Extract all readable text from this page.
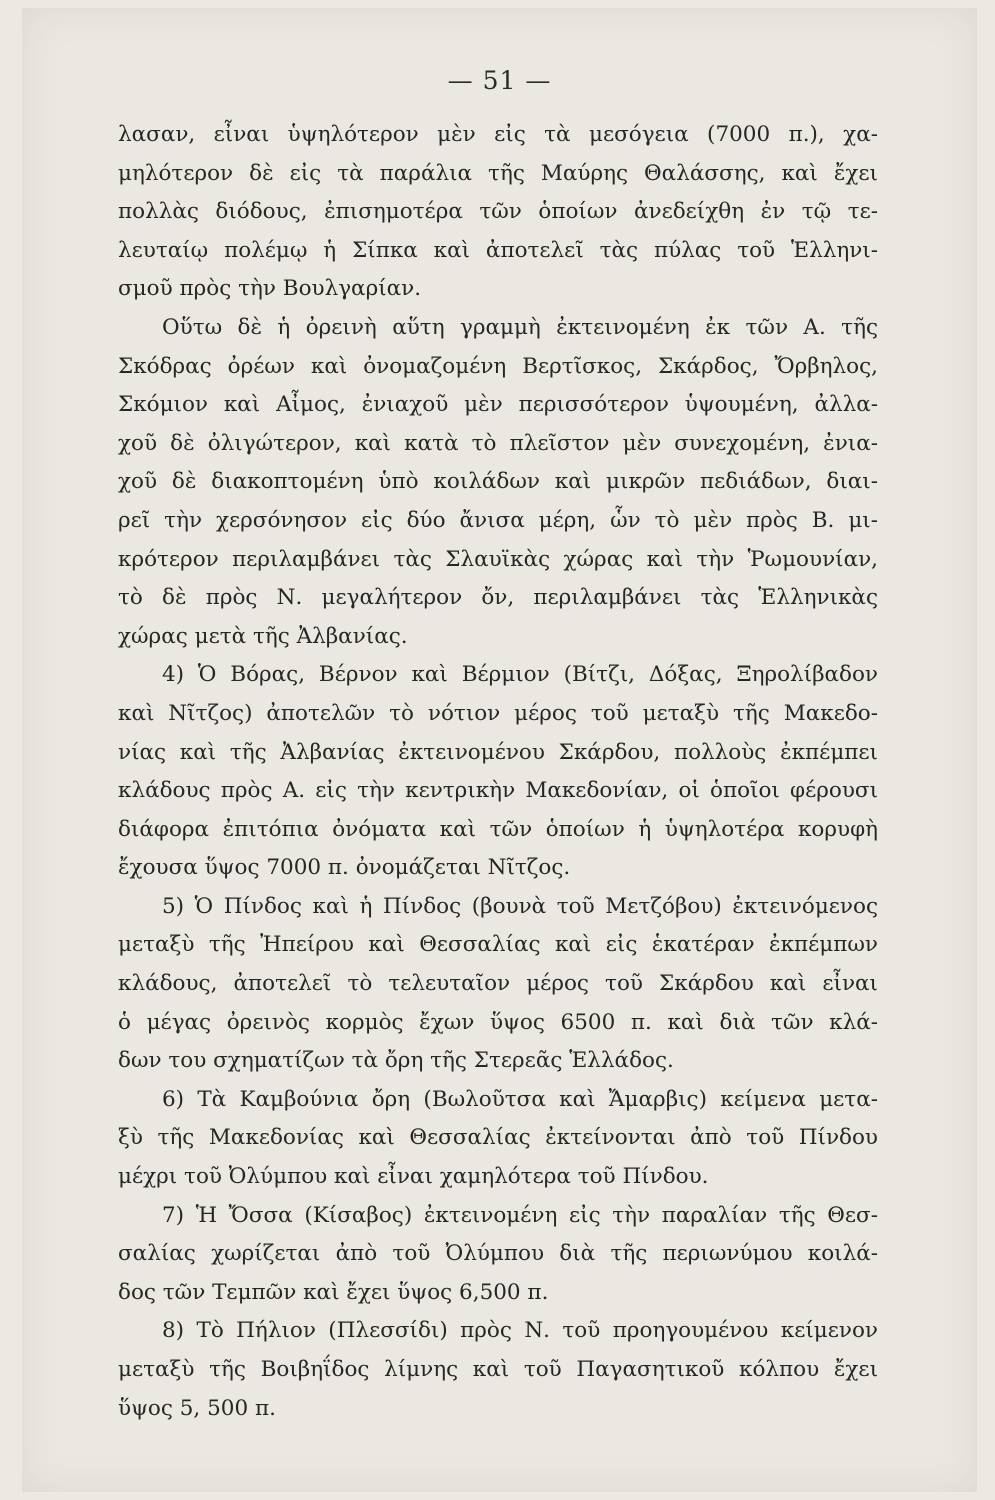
— 51 —
λασαν, εἶναι ὑψηλότερον μὲν εἰς τὰ μεσόγεια (7000 π.), χα-
μηλότερον δὲ εἰς τὰ παράλια τῆς Μαύρης Θαλάσσης, καὶ ἔχει
πολλὰς διόδους, ἐπισημοτέρα τῶν ὁποίων ἀνεδείχθη ἐν τῷ τε-
λευταίῳ πολέμῳ ἡ Σίπκα καὶ ἀποτελεῖ τὰς πύλας τοῦ Ἑλληνι-
σμοῦ πρὸς τὴν Βουλγαρίαν.
Οὕτω δὲ ἡ ὀρεινὴ αὕτη γραμμὴ ἐκτεινομένη ἐκ τῶν Α. τῆς
Σκόδρας ὀρέων καὶ ὀνομαζομένη Βερτῖσκος, Σκάρδος, Ὄρβηλος,
Σκόμιον καὶ Αἶμος, ἐνιαχοῦ μὲν περισσότερον ὑψουμένη, ἀλλα-
χοῦ δὲ ὀλιγώτερον, καὶ κατὰ τὸ πλεῖστον μὲν συνεχομένη, ἐνια-
χοῦ δὲ διακοπτομένη ὑπὸ κοιλάδων καὶ μικρῶν πεδιάδων, διαι-
ρεῖ τὴν χερσόνησον εἰς δύο ἄνισα μέρη, ὧν τὸ μὲν πρὸς Β. μι-
κρότερον περιλαμβάνει τὰς Σλαυϊκὰς χώρας καὶ τὴν Ῥωμουνίαν,
τὸ δὲ πρὸς Ν. μεγαλήτερον ὄν, περιλαμβάνει τὰς Ἑλληνικὰς
χώρας μετὰ τῆς Ἀλβανίας.
4) Ὁ Βόρας, Βέρνον καὶ Βέρμιον (Βίτζι, Δόξας, Ξηρολίβαδον
καὶ Νῖτζος) ἀποτελῶν τὸ νότιον μέρος τοῦ μεταξὺ τῆς Μακεδο-
νίας καὶ τῆς Ἀλβανίας ἐκτεινομένου Σκάρδου, πολλοὺς ἐκπέμπει
κλάδους πρὸς Α. εἰς τὴν κεντρικὴν Μακεδονίαν, οἱ ὁποῖοι φέρουσι
διάφορα ἐπιτόπια ὀνόματα καὶ τῶν ὁποίων ἡ ὑψηλοτέρα κορυφὴ
ἔχουσα ὕψος 7000 π. ὀνομάζεται Νῖτζος.
5) Ὁ Πίνδος καὶ ἡ Πίνδος (βουνὰ τοῦ Μετζόβου) ἐκτεινόμενος
μεταξὺ τῆς Ἠπείρου καὶ Θεσσαλίας καὶ εἰς ἑκατέραν ἐκπέμπων
κλάδους, ἀποτελεῖ τὸ τελευταῖον μέρος τοῦ Σκάρδου καὶ εἶναι
ὁ μέγας ὀρεινὸς κορμὸς ἔχων ὕψος 6500 π. καὶ διὰ τῶν κλά-
δων του σχηματίζων τὰ ὄρη τῆς Στερεᾶς Ἑλλάδος.
6) Τὰ Καμβούνια ὄρη (Βωλοῦτσα καὶ Ἄμαρβις) κείμενα μετα-
ξὺ τῆς Μακεδονίας καὶ Θεσσαλίας ἐκτείνονται ἀπὸ τοῦ Πίνδου
μέχρι τοῦ Ὀλύμπου καὶ εἶναι χαμηλότερα τοῦ Πίνδου.
7) Ἡ Ὄσσα (Κίσαβος) ἐκτεινομένη εἰς τὴν παραλίαν τῆς Θεσ-
σαλίας χωρίζεται ἀπὸ τοῦ Ὀλύμπου διὰ τῆς περιωνύμου κοιλά-
δος τῶν Τεμπῶν καὶ ἔχει ὕψος 6,500 π.
8) Τὸ Πήλιον (Πλεσσίδι) πρὸς Ν. τοῦ προηγουμένου κείμενον
μεταξὺ τῆς Βοιβηΐδος λίμνης καὶ τοῦ Παγασητικοῦ κόλπου ἔχει
ὕψος 5, 500 π.
